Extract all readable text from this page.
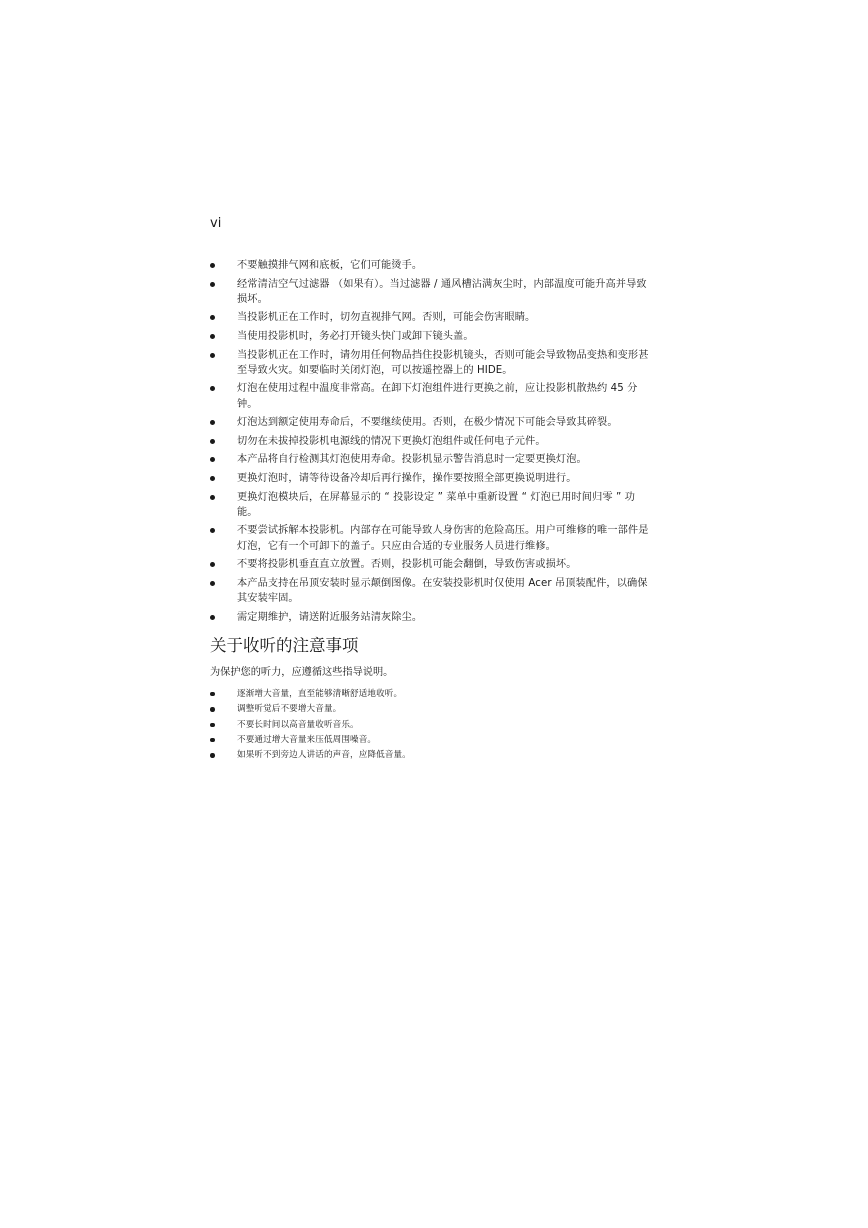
vi
不要触摸排气网和底板，它们可能烫手。
经常清洁空气过滤器 （如果有）。当过滤器 / 通风槽沾满灰尘时，内部温度可能升高并导致损坏。
当投影机正在工作时，切勿直视排气网。否则，可能会伤害眼睛。
当使用投影机时，务必打开镜头快门或卸下镜头盖。
当投影机正在工作时，请勿用任何物品挡住投影机镜头，否则可能会导致物品变热和变形甚至导致火灾。如要临时关闭灯泡，可以按遥控器上的 HIDE。
灯泡在使用过程中温度非常高。在卸下灯泡组件进行更换之前，应让投影机散热约 45 分钟。
灯泡达到额定使用寿命后，不要继续使用。否则，在极少情况下可能会导致其碎裂。
切勿在未拔掉投影机电源线的情况下更换灯泡组件或任何电子元件。
本产品将自行检测其灯泡使用寿命。投影机显示警告消息时一定要更换灯泡。
更换灯泡时，请等待设备冷却后再行操作，操作要按照全部更换说明进行。
更换灯泡模块后，在屏幕显示的 “ 投影设定 ” 菜单中重新设置 “ 灯泡已用时间归零 ” 功能。
不要尝试拆解本投影机。内部存在可能导致人身伤害的危险高压。用户可维修的唯一部件是灯泡，它有一个可卸下的盖子。只应由合适的专业服务人员进行维修。
不要将投影机垂直直立放置。否则，投影机可能会翻倒，导致伤害或损坏。
本产品支持在吊顶安装时显示颠倒图像。在安装投影机时仅使用 Acer 吊顶装配件，以确保其安装牢固。
需定期维护，请送附近服务站清灰除尘。
关于收听的注意事项
为保护您的听力，应遵循这些指导说明。
逐渐增大音量，直至能够清晰舒适地收听。
调整听觉后不要增大音量。
不要长时间以高音量收听音乐。
不要通过增大音量来压低周围噪音。
如果听不到旁边人讲话的声音，应降低音量。
